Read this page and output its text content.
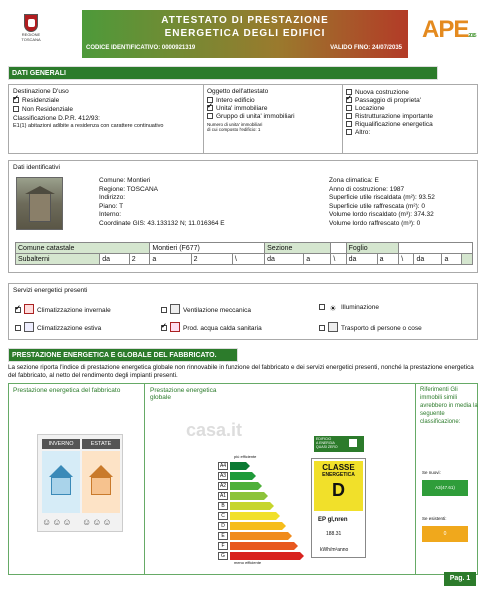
REGIONE TOSCANA
ATTESTATO DI PRESTAZIONE
ENERGETICA DEGLI EDIFICI
CODICE IDENTIFICATIVO: 0000921319	VALIDO FINO: 24/07/2035
APE2015
DATI GENERALI
Destinazione D'uso
✓Residenziale
Non Residenziale
Classificazione D.P.R. 412/93:
E1(1) abitazioni adibite a residenza con carattere continuativo
Oggetto dell'attestato
Intero edificio
✓Unita' immobiliare
Gruppo di unita' immobiliari
Numero di unita' immobiliari
di cui composto l'edificio: 1
Nuova costruzione
✓Passaggio di proprieta'
Locazione
Ristrutturazione importante
Riqualificazione energetica
Altro:
Dati identificativi
Comune: Montieri
Regione: TOSCANA
Indirizzo:
Piano: T
Interno:
Coordinate GIS: 43.133132 N; 11.016364 E
Zona climatica: E
Anno di costruzione: 1987
Superficie utile riscaldata (m²): 93.52
Superficie utile raffrescata (m²): 0
Volume lordo riscaldato (m³): 374.32
Volume lordo raffrescato (m³): 0
Comune catastale			Montieri (F677)			Sezione			Foglio					
Subalterni	da	2	a	2	\	da	a	\	da	a	\	da	a	
Servizi energetici presenti
✓Climatizzazione invernale	Ventilazione meccanica	☀ Illuminazione
Climatizzazione estiva ✓	Prod. acqua calda sanitaria	Trasporto di persone o cose
PRESTAZIONE ENERGETICA E GLOBALE DEL FABBRICATO.
La sezione riporta l'indice di prestazione energetica globale non rinnovabile in funzione del fabbricato e dei servizi energetici presenti, nonché la prestazione energetica del fabbricato, al netto del rendimento degli impianti presenti.
Prestazione energetica del fabbricato
INVERNO	ESTATE
☺☺☺ ☺☺☺
Prestazione energetica globale
casa.it	EDIFICIO
A ENERGIA
QUASI ZERO
più efficiente
A4
A3
A2
A1
B
C
D
E
F
G
meno efficiente
CLASSE
ENERGETICA
D
EP gl,nren
188.31
kWh/m²anno
Riferimenti Gli immobili simili avrebbero in media la seguente classificazione:
Se nuovi:
A3(47.61)
Se esistenti:
0
Pag. 1
